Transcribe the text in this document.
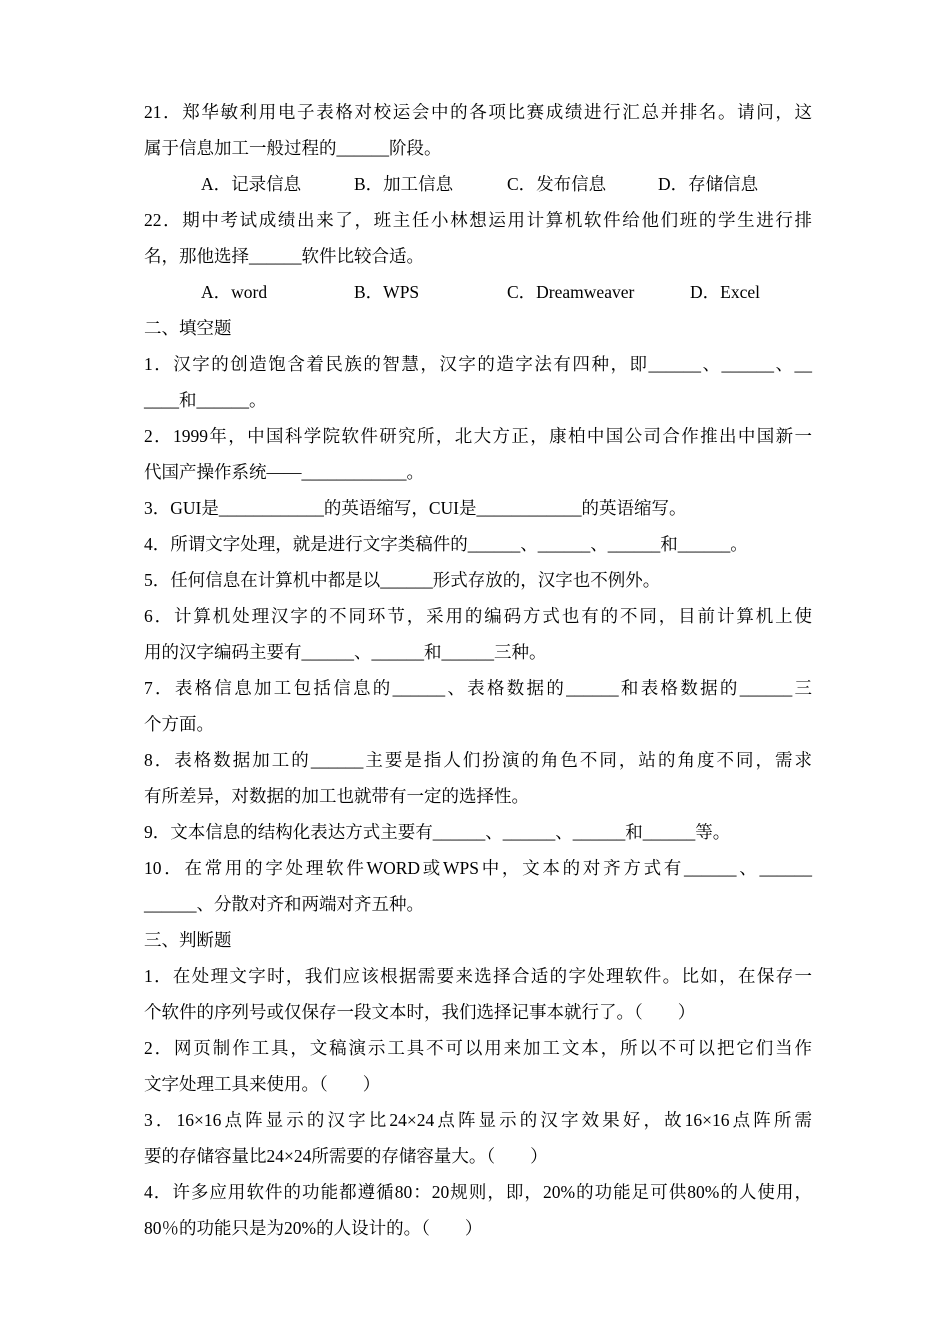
21．郑华敏利用电子表格对校运会中的各项比赛成绩进行汇总并排名。请问，这
属于信息加工一般过程的______阶段。
A．记录信息	B．加工信息	C．发布信息	D．存储信息
22．期中考试成绩出来了，班主任小林想运用计算机软件给他们班的学生进行排
名，那他选择______软件比较合适。
A．word	B．WPS	C．Dreamweaver	D．Excel
二、填空题
1．汉字的创造饱含着民族的智慧，汉字的造字法有四种，即______、______、__
____和______。
2．1999年，中国科学院软件研究所，北大方正，康柏中国公司合作推出中国新一
代国产操作系统——____________。
3．GUI是____________的英语缩写，CUI是____________的英语缩写。
4．所谓文字处理，就是进行文字类稿件的______、______、______和______。
5．任何信息在计算机中都是以______形式存放的，汉字也不例外。
6．计算机处理汉字的不同环节，采用的编码方式也有的不同，目前计算机上使
用的汉字编码主要有______、______和______三种。
7．表格信息加工包括信息的______、表格数据的______和表格数据的______三
个方面。
8．表格数据加工的______主要是指人们扮演的角色不同，站的角度不同，需求
有所差异，对数据的加工也就带有一定的选择性。
9．文本信息的结构化表达方式主要有______、______、______和______等。
10．在常用的字处理软件WORD或WPS中，文本的对齐方式有______、______
______、分散对齐和两端对齐五种。
三、判断题
1．在处理文字时，我们应该根据需要来选择合适的字处理软件。比如，在保存一
个软件的序列号或仅保存一段文本时，我们选择记事本就行了。（　　）
2．网页制作工具，文稿演示工具不可以用来加工文本，所以不可以把它们当作
文字处理工具来使用。（　　）
3．16×16点阵显示的汉字比24×24点阵显示的汉字效果好，故16×16点阵所需
要的存储容量比24×24所需要的存储容量大。（　　）
4．许多应用软件的功能都遵循80：20规则，即，20%的功能足可供80%的人使用，
80％的功能只是为20%的人设计的。（　　）
